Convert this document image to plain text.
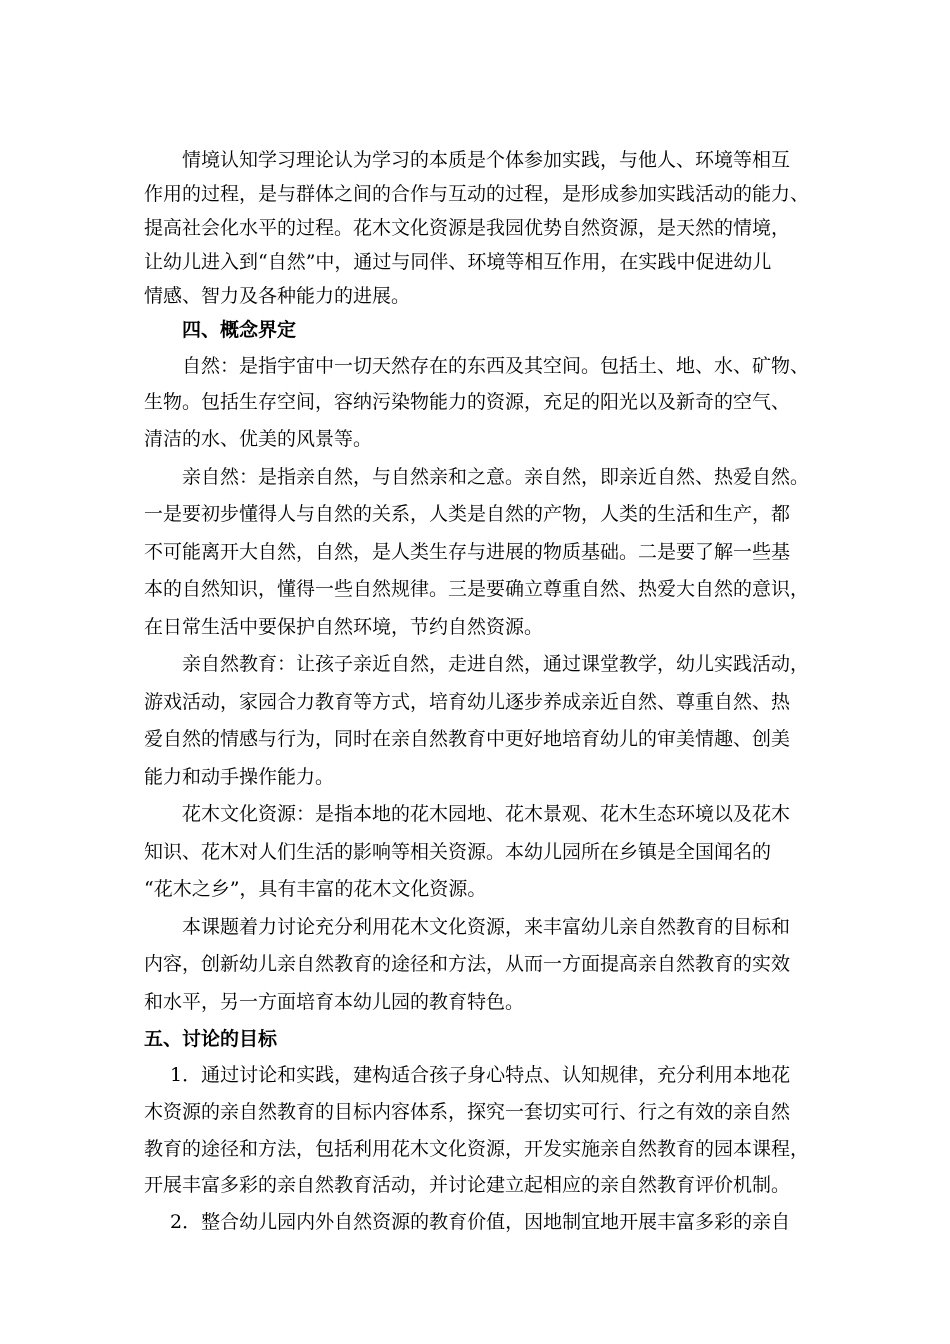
情境认知学习理论认为学习的本质是个体参加实践，与他人、环境等相互
作用的过程，是与群体之间的合作与互动的过程，是形成参加实践活动的能力、
提高社会化水平的过程。花木文化资源是我园优势自然资源，是天然的情境，
让幼儿进入到“自然”中，通过与同伴、环境等相互作用，在实践中促进幼儿
情感、智力及各种能力的进展。
四、概念界定
自然：是指宇宙中一切天然存在的东西及其空间。包括土、地、水、矿物、
生物。包括生存空间，容纳污染物能力的资源，充足的阳光以及新奇的空气、
清洁的水、优美的风景等。
亲自然：是指亲自然，与自然亲和之意。亲自然，即亲近自然、热爱自然。
一是要初步懂得人与自然的关系，人类是自然的产物，人类的生活和生产，都
不可能离开大自然，自然，是人类生存与进展的物质基础。二是要了解一些基
本的自然知识，懂得一些自然规律。三是要确立尊重自然、热爱大自然的意识，
在日常生活中要保护自然环境，节约自然资源。
亲自然教育：让孩子亲近自然，走进自然，通过课堂教学，幼儿实践活动，
游戏活动，家园合力教育等方式，培育幼儿逐步养成亲近自然、尊重自然、热
爱自然的情感与行为，同时在亲自然教育中更好地培育幼儿的审美情趣、创美
能力和动手操作能力。
花木文化资源：是指本地的花木园地、花木景观、花木生态环境以及花木
知识、花木对人们生活的影响等相关资源。本幼儿园所在乡镇是全国闻名的
“花木之乡”，具有丰富的花木文化资源。
本课题着力讨论充分利用花木文化资源，来丰富幼儿亲自然教育的目标和
内容，创新幼儿亲自然教育的途径和方法，从而一方面提高亲自然教育的实效
和水平，另一方面培育本幼儿园的教育特色。
五、讨论的目标
1．通过讨论和实践，建构适合孩子身心特点、认知规律，充分利用本地花
木资源的亲自然教育的目标内容体系，探究一套切实可行、行之有效的亲自然
教育的途径和方法，包括利用花木文化资源，开发实施亲自然教育的园本课程，
开展丰富多彩的亲自然教育活动，并讨论建立起相应的亲自然教育评价机制。
2．整合幼儿园内外自然资源的教育价值，因地制宜地开展丰富多彩的亲自
